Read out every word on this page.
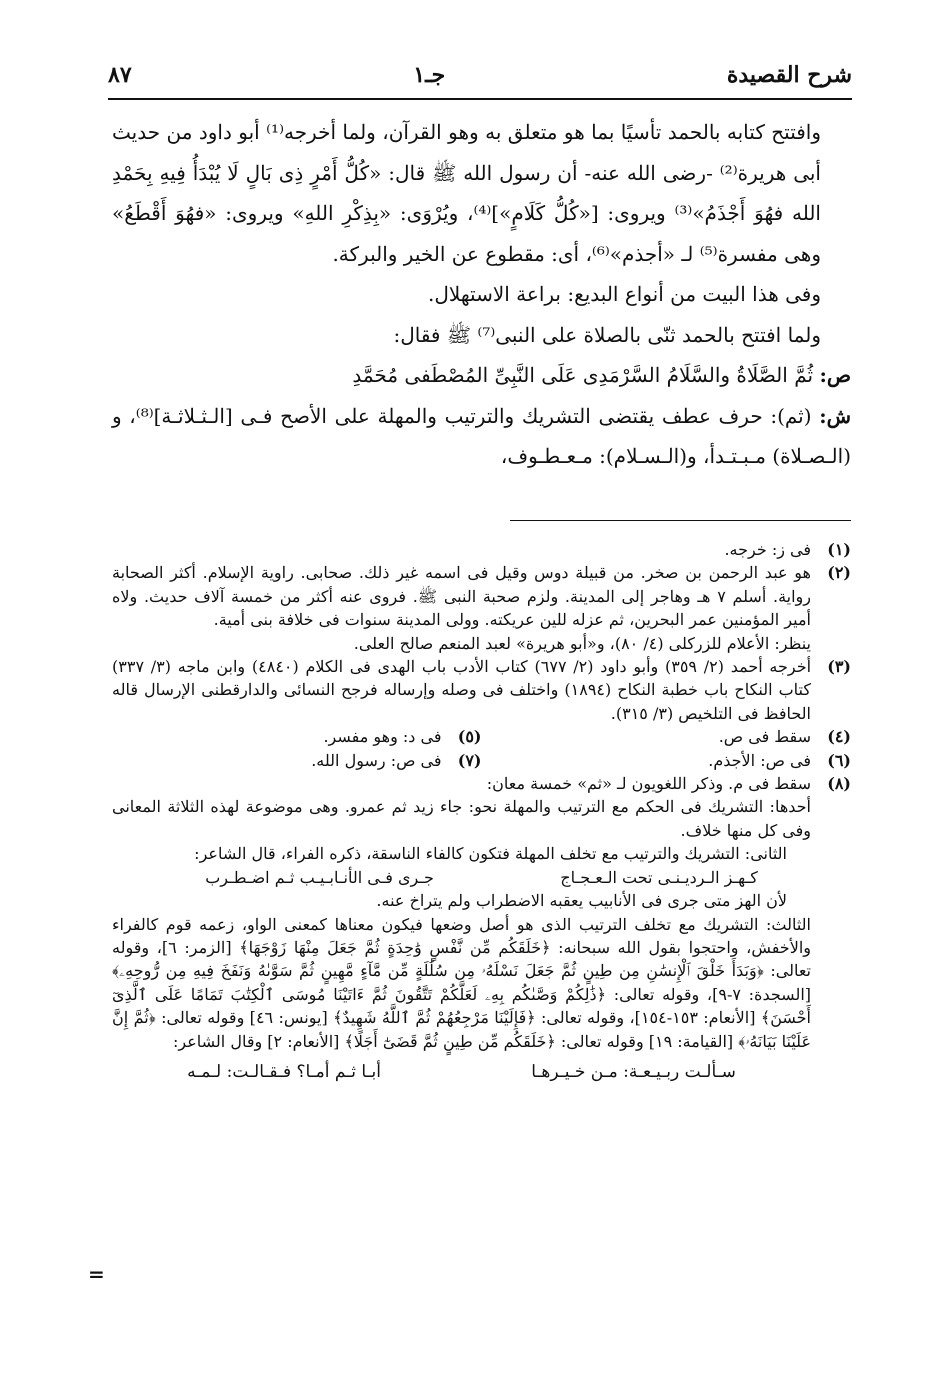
شرح القصيدة
جـ١
٨٧

وافتتح كتابه بالحمد تأسيًا بما هو متعلق به وهو القرآن، ولما أخرجه⁽¹⁾ أبو داود من حديث أبى هريرة⁽²⁾ -رضى الله عنه- أن رسول الله ﷺ قال: «كُلُّ أَمْرٍ ذِى بَالٍ لَا يُبْدَأُ فِيهِ بِحَمْدِ الله فهُوَ أَجْذَمُ»⁽³⁾ ويروى: [«كُلُّ كَلَامٍ»]⁽⁴⁾، ويُرْوَى: «بِذِكْرِ اللهِ» ويروى: «فهُوَ أَقْطَعُ» وهى مفسرة⁽⁵⁾ لـ «أجذم»⁽⁶⁾، أى: مقطوع عن الخير والبركة.

وفى هذا البيت من أنواع البديع: براعة الاستهلال.

ولما افتتح بالحمد ثنّى بالصلاة على النبى⁽⁷⁾ ﷺ فقال:

ص: ثُمَّ الصَّلَاةُ والسَّلَامُ السَّرْمَدِى عَلَى النَّبِىِّ المُصْطَفى مُحَمَّدِ

ش: (ثم): حرف عطف يقتضى التشريك والترتيب والمهلة على الأصح فـى [الـثـلاثـة]⁽⁸⁾، و (الـصـلاة) مـبـتـدأ، و(الـسـلام): مـعـطـوف،

(١)
فى ز: خرجه.
(٢)
هو عبد الرحمن بن صخر. من قبيلة دوس وقيل فى اسمه غير ذلك. صحابى. راوية الإسلام. أكثر الصحابة رواية. أسلم ٧ هـ وهاجر إلى المدينة. ولزم صحبة النبى ﷺ. فروى عنه أكثر من خمسة آلاف حديث. ولاه أمير المؤمنين عمر البحرين، ثم عزله للين عريكته. وولى المدينة سنوات فى خلافة بنى أمية.
ينظر: الأعلام للزركلى (٤/ ٨٠)، و«أبو هريرة» لعبد المنعم صالح العلى.
(٣)
أخرجه أحمد (٢/ ٣٥٩) وأبو داود (٢/ ٦٧٧) كتاب الأدب باب الهدى فى الكلام (٤٨٤٠) وابن ماجه (٣/ ٣٣٧) كتاب النكاح باب خطبة النكاح (١٨٩٤) واختلف فى وصله وإرساله فرجح النسائى والدارقطنى الإرسال قاله الحافظ فى التلخيص (٣/ ٣١٥).
(٤)
سقط فى ص.
(٥)
فى د: وهو مفسر.
(٦)
فى ص: الأجذم.
(٧)
فى ص: رسول الله.
(٨)
سقط فى م. وذكر اللغويون لـ «ثم» خمسة معان:
أحدها: التشريك فى الحكم مع الترتيب والمهلة نحو: جاء زيد ثم عمرو. وهى موضوعة لهذه الثلاثة المعانى وفى كل منها خلاف.
الثانى: التشريك والترتيب مع تخلف المهلة فتكون كالفاء الناسقة، ذكره الفراء، قال الشاعر:
كـهـز الـرديـنـى تحت الـعـجـاج
جـرى فـى الأنـابـيـب ثـم اضـطـرب
لأن الهز متى جرى فى الأنابيب يعقبه الاضطراب ولم يتراخ عنه.
الثالث: التشريك مع تخلف الترتيب الذى هو أصل وضعها فيكون معناها كمعنى الواو، زعمه قوم كالفراء والأخفش، واحتجوا بقول الله سبحانه: ﴿خَلَقَكُم مِّن نَّفْسٍ وَٰحِدَةٍ ثُمَّ جَعَلَ مِنْهَا زَوْجَهَا﴾ [الزمر: ٦]، وقوله تعالى: ﴿وَبَدَأَ خَلْقَ ٱلْإِنسَٰنِ مِن طِينٍ ثُمَّ جَعَلَ نَسْلَهُۥ مِن سُلَٰلَةٍ مِّن مَّآءٍ مَّهِينٍ ثُمَّ سَوَّىٰهُ وَنَفَخَ فِيهِ مِن رُّوحِهِۦ﴾ [السجدة: ٧-٩]، وقوله تعالى: ﴿ذَٰلِكُمْ وَصَّىٰكُم بِهِۦ لَعَلَّكُمْ تَتَّقُونَ ثُمَّ ءَاتَيْنَا مُوسَى ٱلْكِتَٰبَ تَمَامًا عَلَى ٱلَّذِىٓ أَحْسَنَ﴾ [الأنعام: ١٥٣-١٥٤]، وقوله تعالى: ﴿فَإِلَيْنَا مَرْجِعُهُمْ ثُمَّ ٱللَّهُ شَهِيدٌ﴾ [يونس: ٤٦] وقوله تعالى: ﴿ثُمَّ إِنَّ عَلَيْنَا بَيَانَهُۥ﴾ [القيامة: ١٩] وقوله تعالى: ﴿خَلَقَكُم مِّن طِينٍ ثُمَّ قَضَىٰٓ أَجَلًا﴾ [الأنعام: ٢] وقال الشاعر:
سـألـت ربـيـعـة: مـن خـيـرهـا
أبـا ثـم أمـا؟ فـقـالـت: لـمـه
=
